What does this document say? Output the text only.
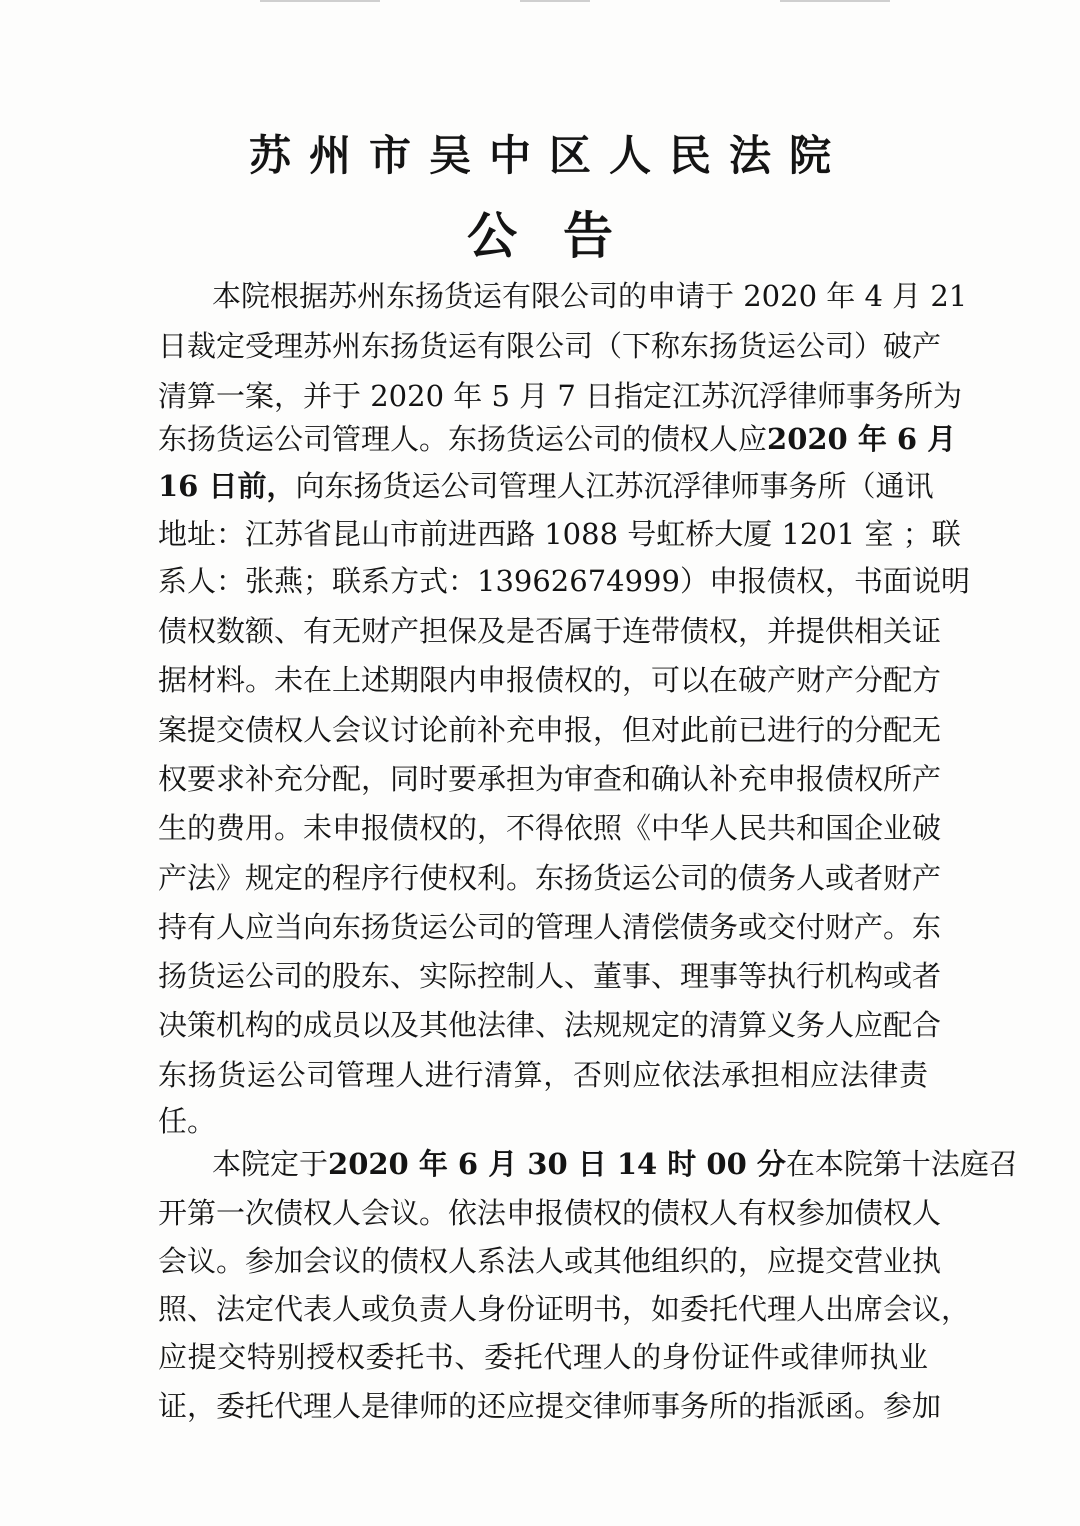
苏州市吴中区人民法院
公告
本院根据苏州东扬货运有限公司的申请于 2020 年 4 月 21
日裁定受理苏州东扬货运有限公司（下称东扬货运公司）破产
清算一案，并于 2020 年 5 月 7 日指定江苏沉浮律师事务所为
东扬货运公司管理人。东扬货运公司的债权人应2020 年 6 月
16 日前，向东扬货运公司管理人江苏沉浮律师事务所（通讯
地址：江苏省昆山市前进西路 1088 号虹桥大厦 1201 室 ；联
系人：张燕；联系方式：13962674999）申报债权，书面说明
债权数额、有无财产担保及是否属于连带债权，并提供相关证
据材料。未在上述期限内申报债权的，可以在破产财产分配方
案提交债权人会议讨论前补充申报，但对此前已进行的分配无
权要求补充分配，同时要承担为审查和确认补充申报债权所产
生的费用。未申报债权的，不得依照《中华人民共和国企业破
产法》规定的程序行使权利。东扬货运公司的债务人或者财产
持有人应当向东扬货运公司的管理人清偿债务或交付财产。东
扬货运公司的股东、实际控制人、董事、理事等执行机构或者
决策机构的成员以及其他法律、法规规定的清算义务人应配合
东扬货运公司管理人进行清算，否则应依法承担相应法律责
任。
本院定于2020 年 6 月 30 日 14 时 00 分在本院第十法庭召
开第一次债权人会议。依法申报债权的债权人有权参加债权人
会议。参加会议的债权人系法人或其他组织的，应提交营业执
照、法定代表人或负责人身份证明书，如委托代理人出席会议，
应提交特别授权委托书、委托代理人的身份证件或律师执业
证，委托代理人是律师的还应提交律师事务所的指派函。参加
